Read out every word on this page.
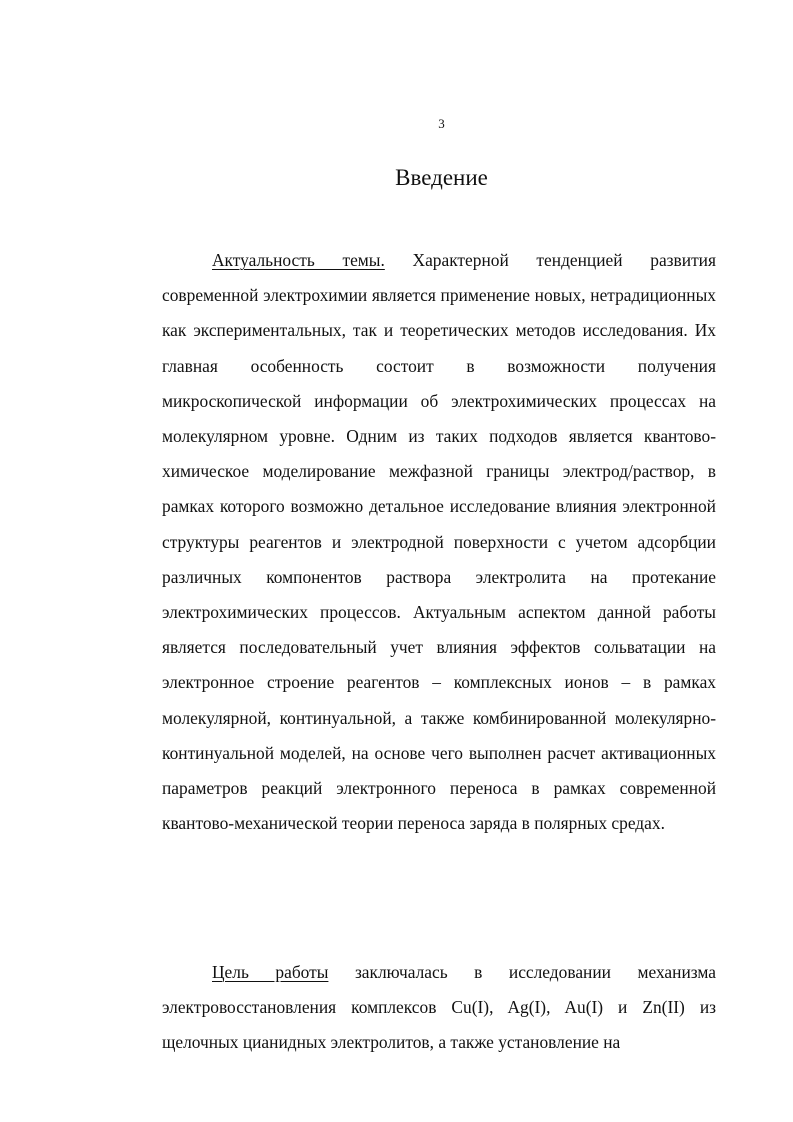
3
Введение

Актуальность темы. Характерной тенденцией развития современной электрохимии является применение новых, нетрадиционных как экспериментальных, так и теоретических методов исследования. Их главная особенность состоит в возможности получения микроскопической информации об электрохимических процессах на молекулярном уровне. Одним из таких подходов является квантово-химическое моделирование межфазной границы электрод/раствор, в рамках которого возможно детальное исследование влияния электронной структуры реагентов и электродной поверхности с учетом адсорбции различных компонентов раствора электролита на протекание электрохимических процессов. Актуальным аспектом данной работы является последовательный учет влияния эффектов сольватации на электронное строение реагентов – комплексных ионов – в рамках молекулярной, континуальной, а также комбинированной молекулярно-континуальной моделей, на основе чего выполнен расчет активационных параметров реакций электронного переноса в рамках современной квантово-механической теории переноса заряда в полярных средах.

Цель работы заключалась в исследовании механизма электровосстановления комплексов Cu(I), Ag(I), Au(I) и Zn(II) из щелочных цианидных электролитов, а также установление на
